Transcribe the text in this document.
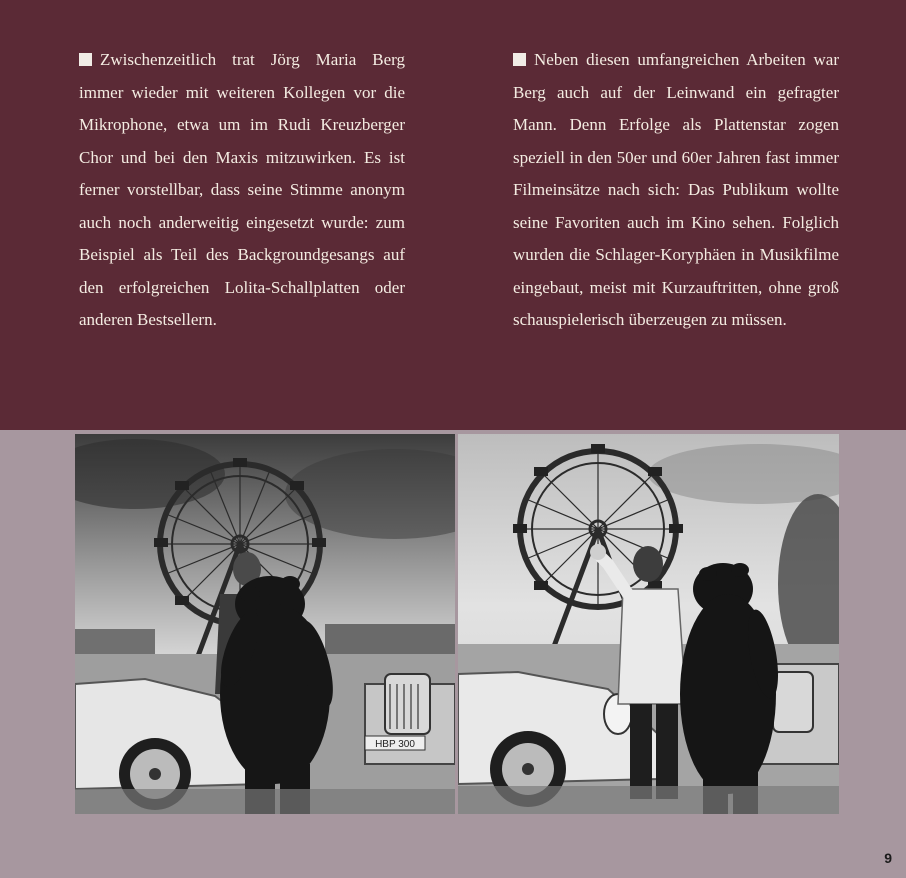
Zwischenzeitlich trat Jörg Maria Berg immer wieder mit weiteren Kollegen vor die Mikrophone, etwa um im Rudi Kreuzberger Chor und bei den Maxis mitzuwirken. Es ist ferner vorstellbar, dass seine Stimme anonym auch noch anderweitig eingesetzt wurde: zum Beispiel als Teil des Backgroundgesangs auf den erfolgreichen Lolita-Schallplatten oder anderen Bestsellern.

Neben diesen umfangreichen Arbeiten war Berg auch auf der Leinwand ein gefragter Mann. Denn Erfolge als Plattenstar zogen speziell in den 50er und 60er Jahren fast immer Filmeinsätze nach sich: Das Publikum wollte seine Favoriten auch im Kino sehen. Folglich wurden die Schlager-Koryphäen in Musikfilme eingebaut, meist mit Kurzauftritten, ohne groß schauspielerisch überzeugen zu müssen.

HBP 300
9
